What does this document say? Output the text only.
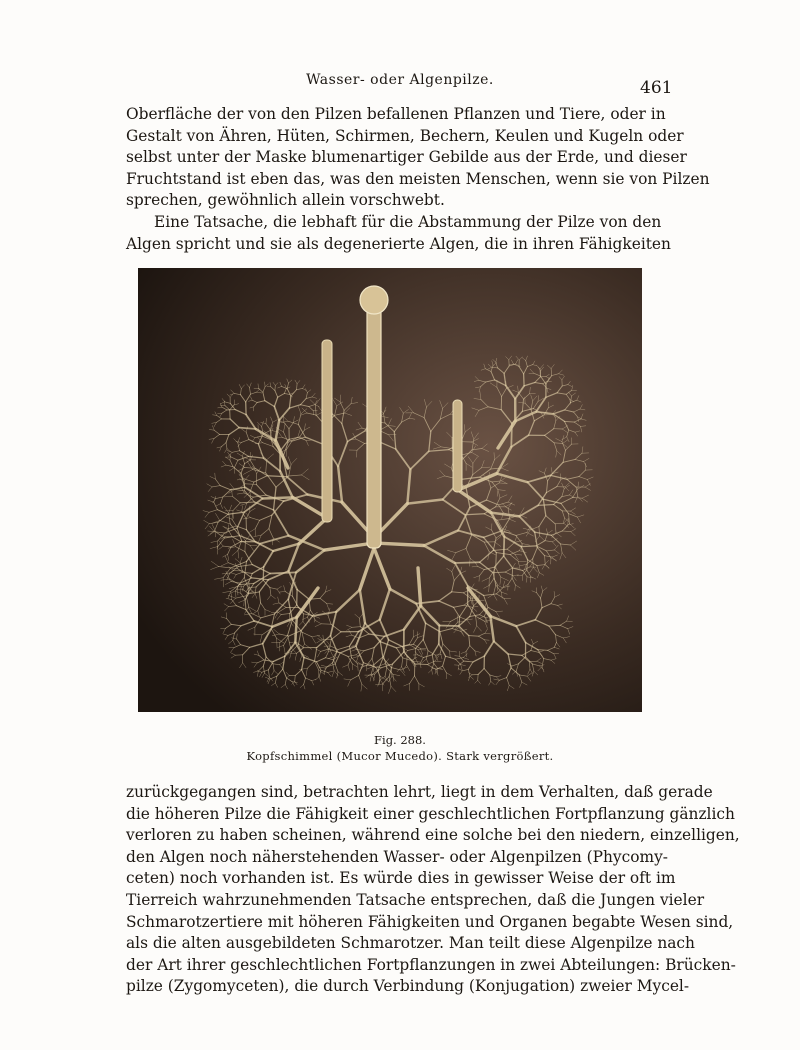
Wasser- oder Algenpilze.	461
Oberfläche der von den Pilzen befallenen Pflanzen und Tiere, oder in
Gestalt von Ähren, Hüten, Schirmen, Bechern, Keulen und Kugeln oder
selbst unter der Maske blumenartiger Gebilde aus der Erde, und dieser
Fruchtstand ist eben das, was den meisten Menschen, wenn sie von Pilzen
sprechen, gewöhnlich allein vorschwebt.
Eine Tatsache, die lebhaft für die Abstammung der Pilze von den
Algen spricht und sie als degenerierte Algen, die in ihren Fähigkeiten
Fig. 288.
Kopfschimmel (Mucor Mucedo). Stark vergrößert.
zurückgegangen sind, betrachten lehrt, liegt in dem Verhalten, daß gerade
die höheren Pilze die Fähigkeit einer geschlechtlichen Fortpflanzung gänzlich
verloren zu haben scheinen, während eine solche bei den niedern, einzelligen,
den Algen noch näherstehenden Wasser- oder Algenpilzen (Phycomy-
ceten) noch vorhanden ist. Es würde dies in gewisser Weise der oft im
Tierreich wahrzunehmenden Tatsache entsprechen, daß die Jungen vieler
Schmarotzertiere mit höheren Fähigkeiten und Organen begabte Wesen sind,
als die alten ausgebildeten Schmarotzer. Man teilt diese Algenpilze nach
der Art ihrer geschlechtlichen Fortpflanzungen in zwei Abteilungen: Brücken-
pilze (Zygomyceten), die durch Verbindung (Konjugation) zweier Mycel-
